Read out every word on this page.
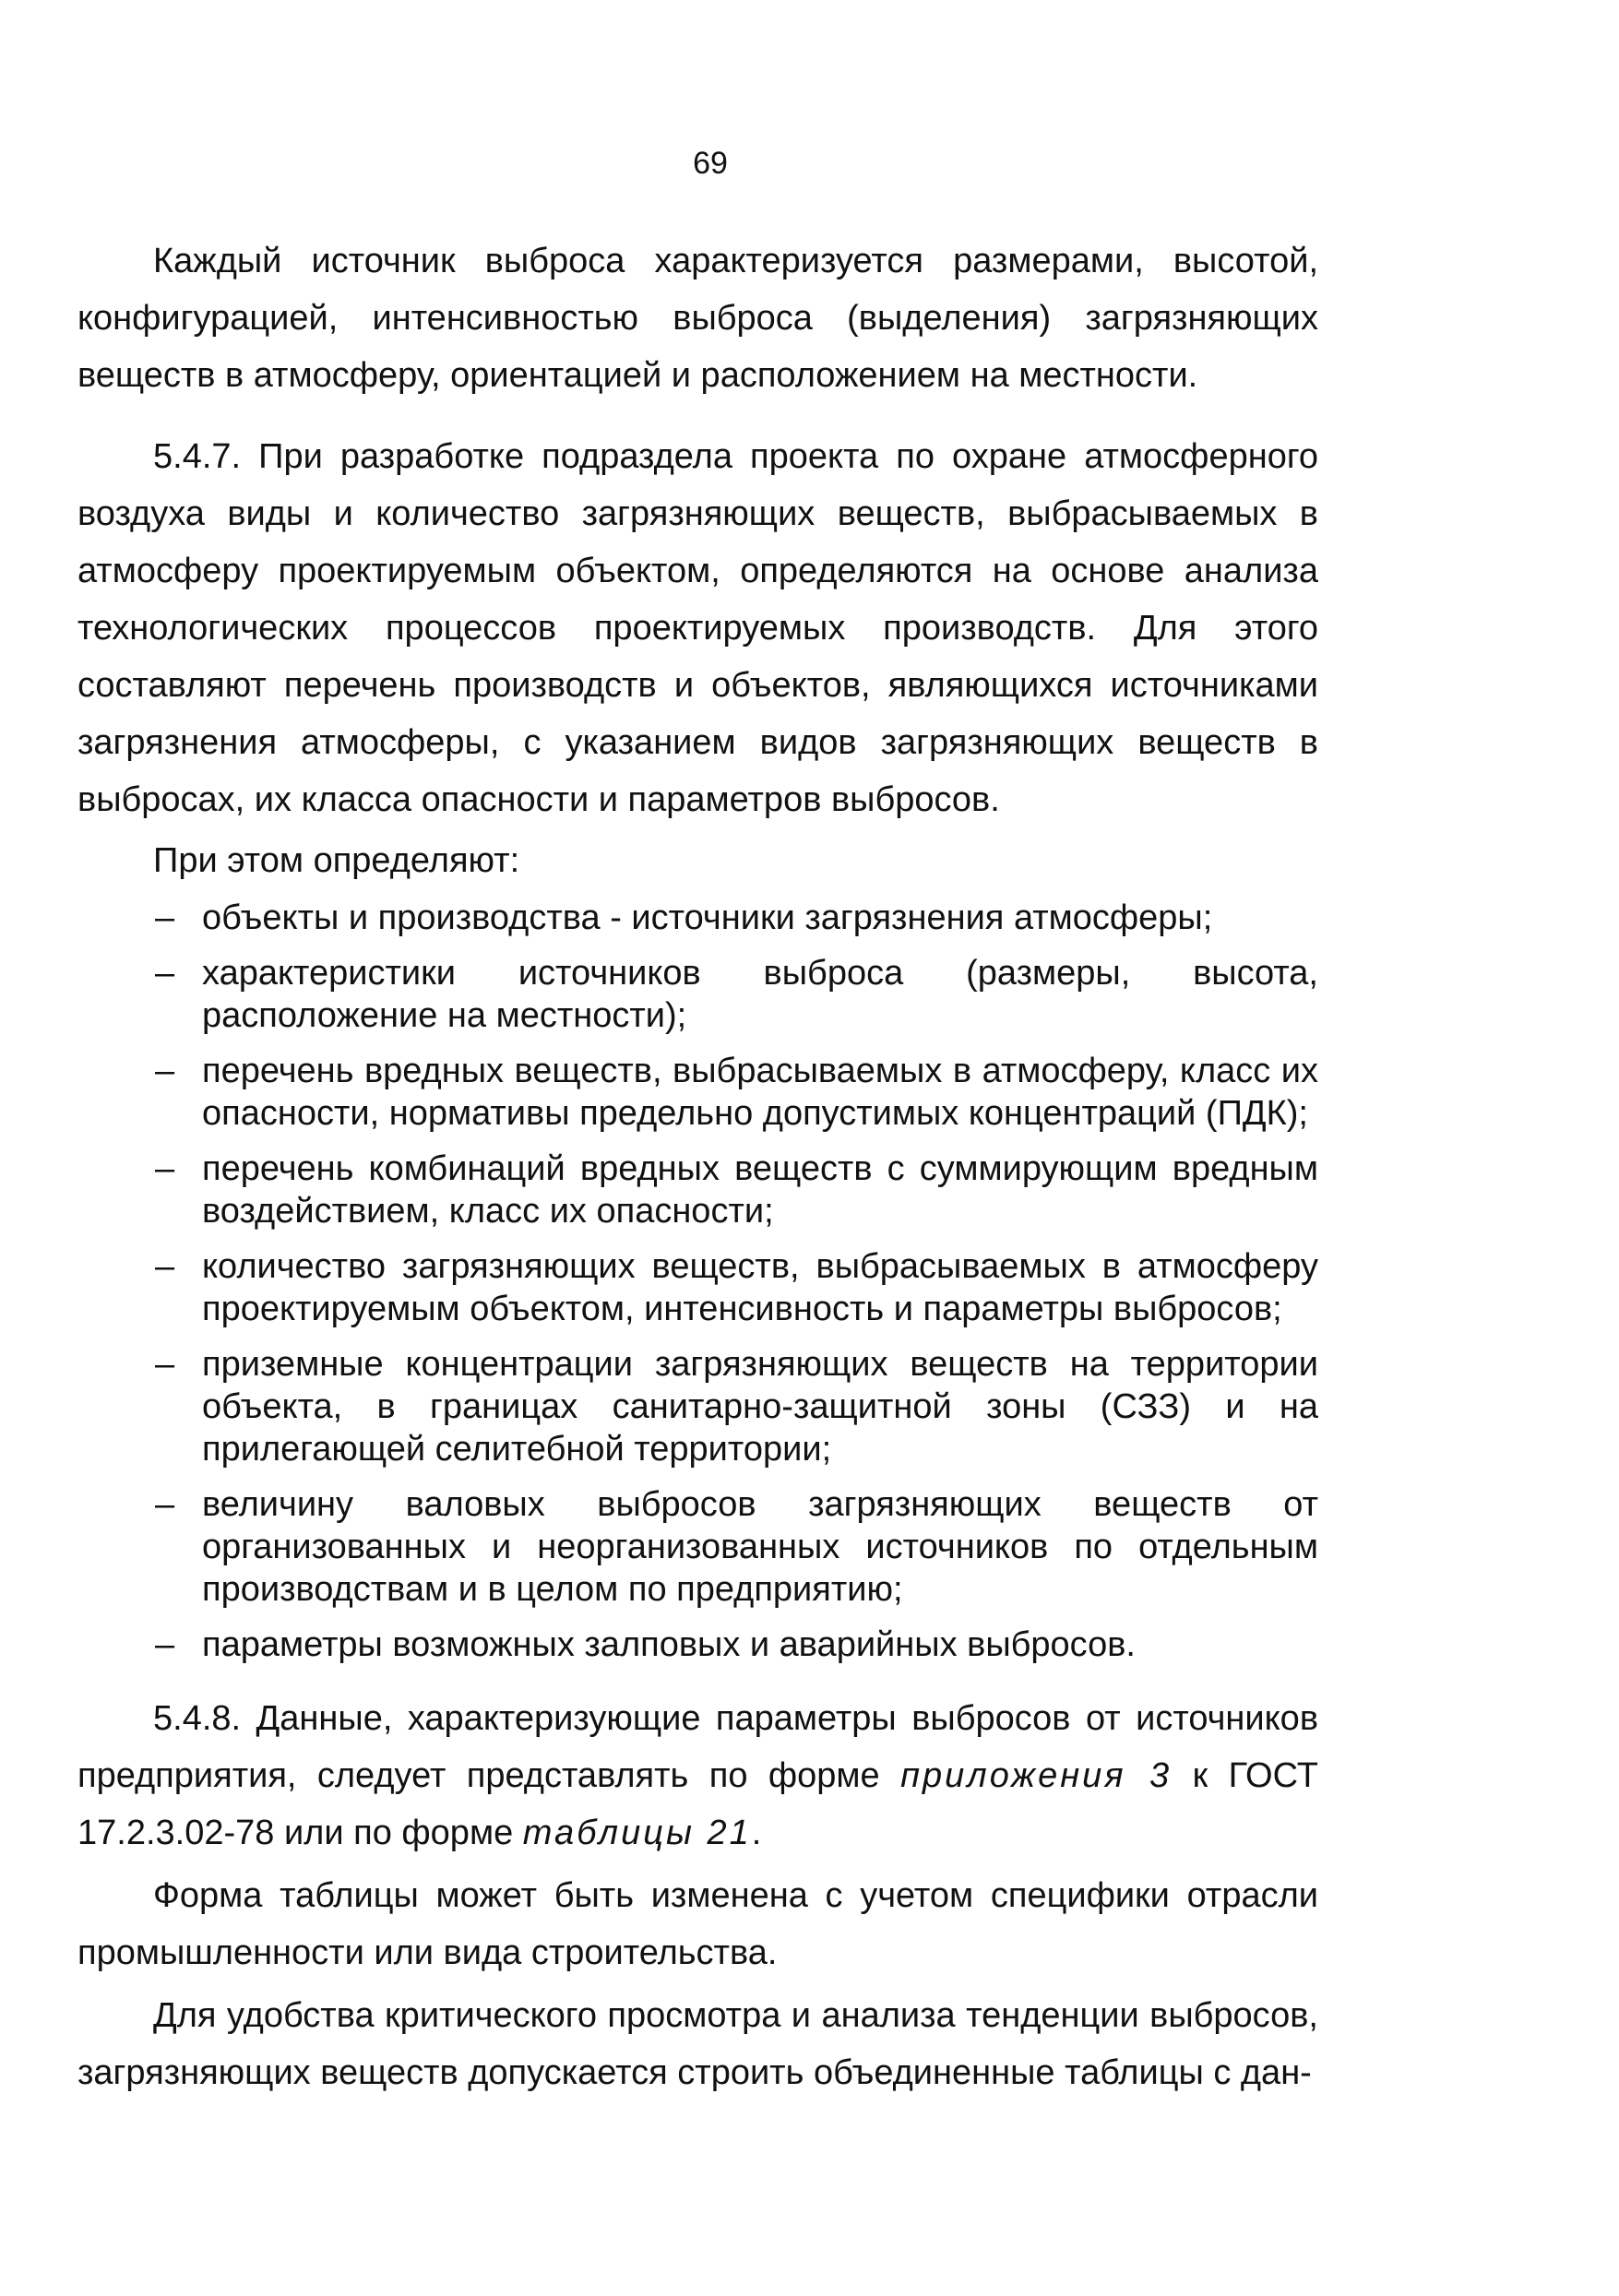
69

Каждый источник выброса характеризуется размерами, высотой, конфигурацией, интенсивностью выброса (выделения) загрязняющих веществ в атмосферу, ориентацией и расположением на местности.

5.4.7. При разработке подраздела проекта по охране атмосферного воздуха виды и количество загрязняющих веществ, выбрасываемых в атмосферу проектируемым объектом, определяются на основе анализа технологических процессов проектируемых производств. Для этого составляют перечень производств и объектов, являющихся источниками загрязнения атмосферы, с указанием видов загрязняющих веществ в выбросах, их класса опасности и параметров выбросов.

При этом определяют:

– объекты и производства - источники загрязнения атмосферы;
– характеристики источников выброса (размеры, высота, расположение на местности);
– перечень вредных веществ, выбрасываемых в атмосферу, класс их опасности, нормативы предельно допустимых концентраций (ПДК);
– перечень комбинаций вредных веществ с суммирующим вредным воздействием, класс их опасности;
– количество загрязняющих веществ, выбрасываемых в атмосферу проектируемым объектом, интенсивность и параметры выбросов;
– приземные концентрации загрязняющих веществ на территории объекта, в границах санитарно-защитной зоны (СЗЗ) и на прилегающей селитебной территории;
– величину валовых выбросов загрязняющих веществ от организованных и неорганизованных источников по отдельным производствам и в целом по предприятию;
– параметры возможных залповых и аварийных выбросов.

5.4.8. Данные, характеризующие параметры выбросов от источников предприятия, следует представлять по форме приложения 3 к ГОСТ 17.2.3.02-78 или по форме таблицы 21.

Форма таблицы может быть изменена с учетом специфики отрасли промышленности или вида строительства.

Для удобства критического просмотра и анализа тенденции выбросов, загрязняющих веществ допускается строить объединенные таблицы с дан-
